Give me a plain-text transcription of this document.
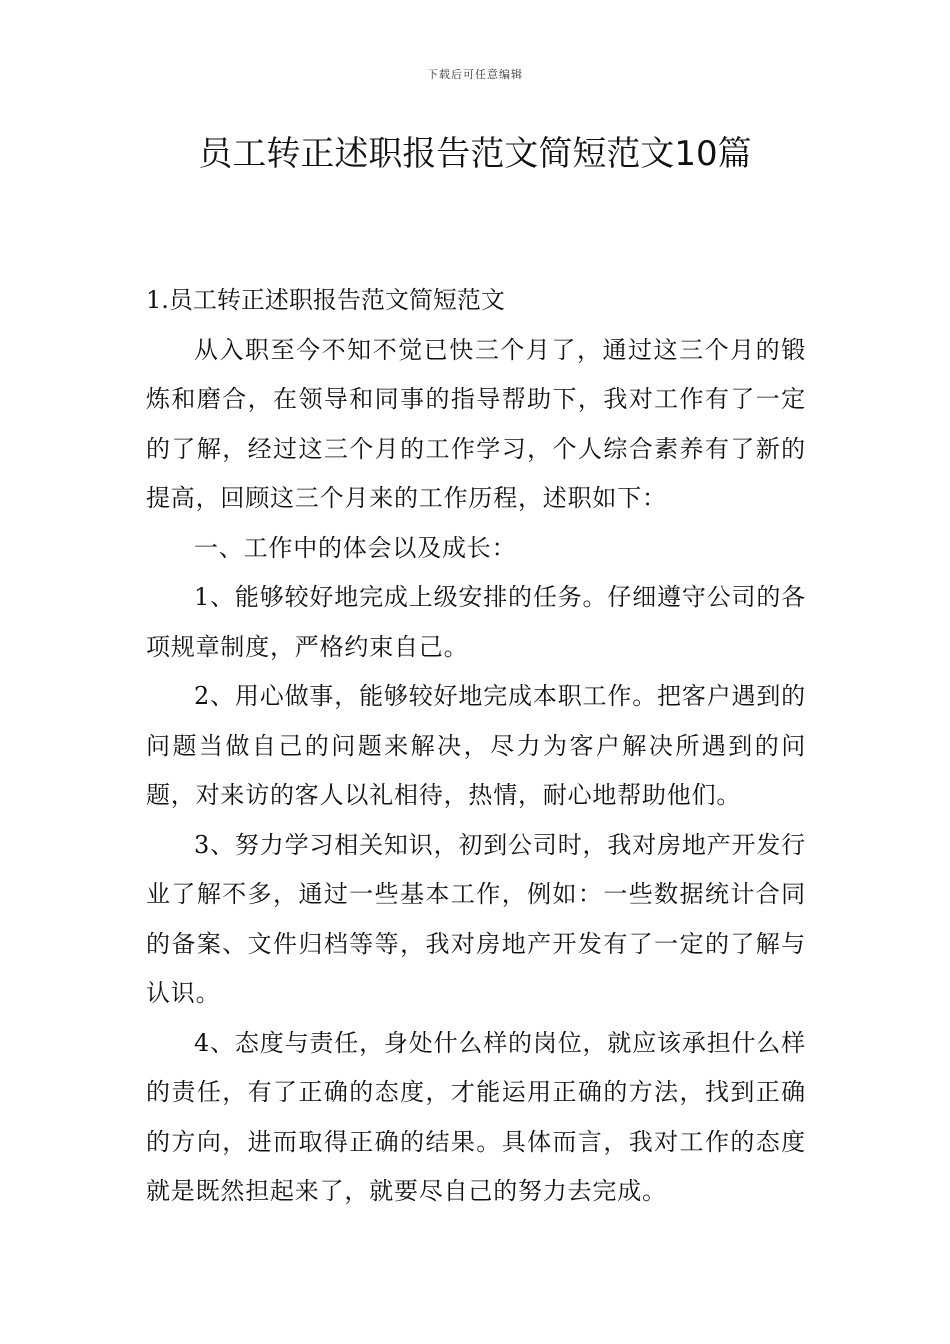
下载后可任意编辑
员工转正述职报告范文简短范文10篇

1.员工转正述职报告范文简短范文

从入职至今不知不觉已快三个月了，通过这三个月的锻炼和磨合，在领导和同事的指导帮助下，我对工作有了一定的了解，经过这三个月的工作学习，个人综合素养有了新的提高，回顾这三个月来的工作历程，述职如下：

一、工作中的体会以及成长：

1、能够较好地完成上级安排的任务。仔细遵守公司的各项规章制度，严格约束自己。

2、用心做事，能够较好地完成本职工作。把客户遇到的问题当做自己的问题来解决，尽力为客户解决所遇到的问题，对来访的客人以礼相待，热情，耐心地帮助他们。

3、努力学习相关知识，初到公司时，我对房地产开发行业了解不多，通过一些基本工作，例如：一些数据统计合同的备案、文件归档等等，我对房地产开发有了一定的了解与认识。

4、态度与责任，身处什么样的岗位，就应该承担什么样的责任，有了正确的态度，才能运用正确的方法，找到正确的方向，进而取得正确的结果。具体而言，我对工作的态度就是既然担起来了，就要尽自己的努力去完成。
